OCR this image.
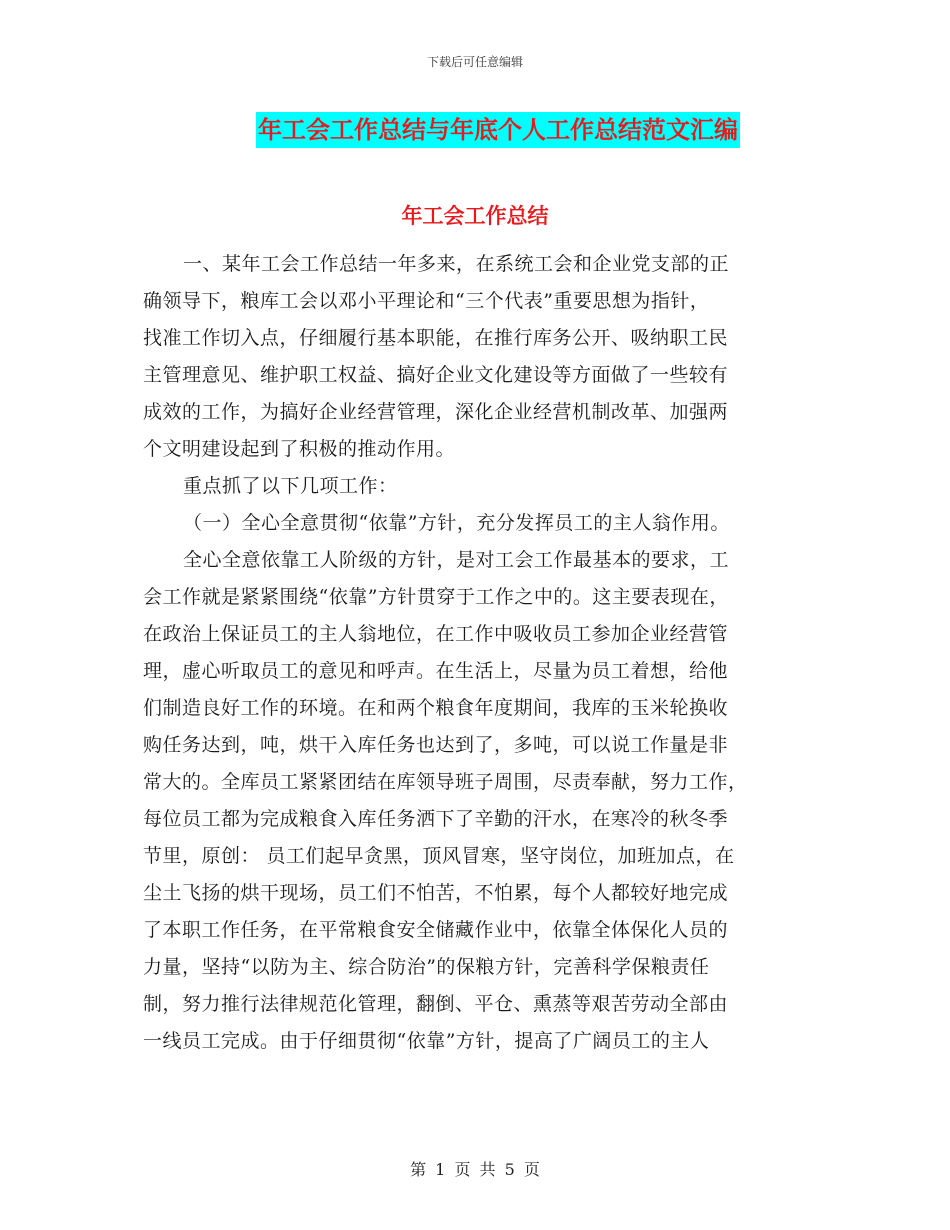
下载后可任意编辑
年工会工作总结与年底个人工作总结范文汇编
年工会工作总结
一、某年工会工作总结一年多来，在系统工会和企业党支部的正
确领导下，粮库工会以邓小平理论和“三个代表”重要思想为指针，
找准工作切入点，仔细履行基本职能，在推行库务公开、吸纳职工民
主管理意见、维护职工权益、搞好企业文化建设等方面做了一些较有
成效的工作，为搞好企业经营管理，深化企业经营机制改革、加强两
个文明建设起到了积极的推动作用。
重点抓了以下几项工作：
（一）全心全意贯彻“依靠”方针，充分发挥员工的主人翁作用。
全心全意依靠工人阶级的方针，是对工会工作最基本的要求，工
会工作就是紧紧围绕“依靠”方针贯穿于工作之中的。这主要表现在，
在政治上保证员工的主人翁地位，在工作中吸收员工参加企业经营管
理，虚心听取员工的意见和呼声。在生活上，尽量为员工着想，给他
们制造良好工作的环境。在和两个粮食年度期间，我库的玉米轮换收
购任务达到，吨，烘干入库任务也达到了，多吨，可以说工作量是非
常大的。全库员工紧紧团结在库领导班子周围，尽责奉献，努力工作，
每位员工都为完成粮食入库任务洒下了辛勤的汗水，在寒冷的秋冬季
节里，原创： 员工们起早贪黑，顶风冒寒，坚守岗位，加班加点，在
尘土飞扬的烘干现场，员工们不怕苦，不怕累，每个人都较好地完成
了本职工作任务，在平常粮食安全储藏作业中，依靠全体保化人员的
力量，坚持“以防为主、综合防治”的保粮方针，完善科学保粮责任
制，努力推行法律规范化管理，翻倒、平仓、熏蒸等艰苦劳动全部由
一线员工完成。由于仔细贯彻“依靠”方针，提高了广阔员工的主人
第 1 页 共 5 页
